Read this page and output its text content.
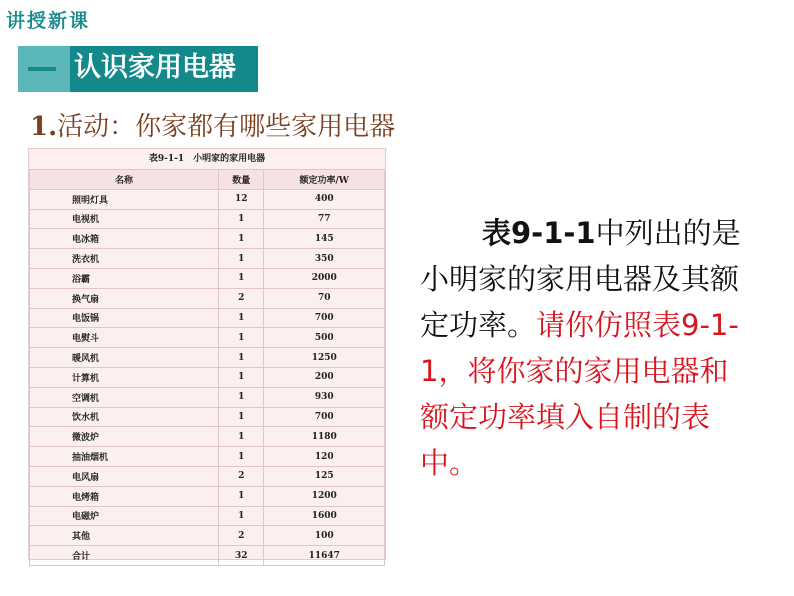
讲授新课
认识家用电器
1.活动：你家都有哪些家用电器
表9-1-1　小明家的家用电器
名称	数量	额定功率/W
照明灯具	12	400
电视机	1	77
电冰箱	1	145
洗衣机	1	350
浴霸	1	2000
换气扇	2	70
电饭锅	1	700
电熨斗	1	500
暖风机	1	1250
计算机	1	200
空调机	1	930
饮水机	1	700
微波炉	1	1180
抽油烟机	1	120
电风扇	2	125
电烤箱	1	1200
电磁炉	1	1600
其他	2	100
合计	32	11647
表9-1-1中列出的是小明家的家用电器及其额定功率。请你仿照表9-1-1，将你家的家用电器和额定功率填入自制的表中。
